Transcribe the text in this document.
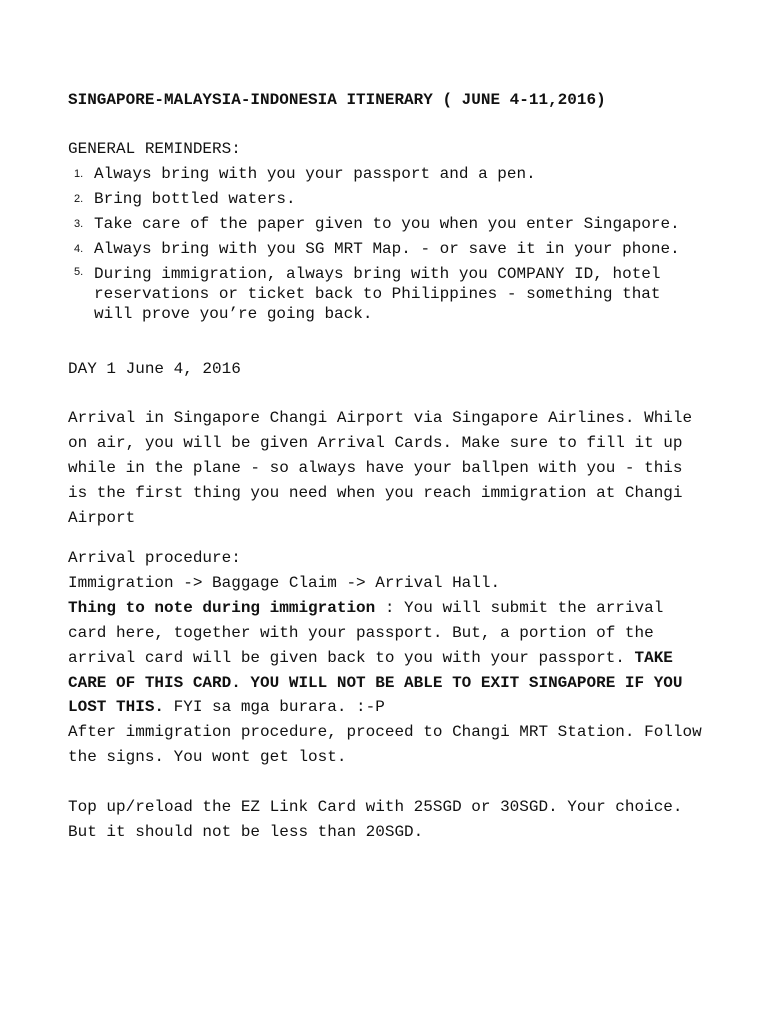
SINGAPORE-MALAYSIA-INDONESIA ITINERARY ( JUNE 4-11,2016)
GENERAL REMINDERS:
1. Always bring with you your passport and a pen.
2. Bring bottled waters.
3. Take care of the paper given to you when you enter Singapore.
4. Always bring with you SG MRT Map. - or save it in your phone.
5. During immigration, always bring with you COMPANY ID, hotel reservations or ticket back to Philippines - something that will prove you’re going back.
DAY 1 June 4, 2016

Arrival in Singapore Changi Airport via Singapore Airlines. While on air, you will be given Arrival Cards. Make sure to fill it up while in the plane - so always have your ballpen with you - this is the first thing you need when you reach immigration at Changi Airport

Arrival procedure:

Immigration -> Baggage Claim -> Arrival Hall.

Thing to note during immigration : You will submit the arrival card here, together with your passport. But, a portion of the arrival card will be given back to you with your passport. TAKE CARE OF THIS CARD. YOU WILL NOT BE ABLE TO EXIT SINGAPORE IF YOU LOST THIS. FYI sa mga burara. :-P

After immigration procedure, proceed to Changi MRT Station. Follow the signs. You wont get lost.

Top up/reload the EZ Link Card with 25SGD or 30SGD. Your choice. But it should not be less than 20SGD.
